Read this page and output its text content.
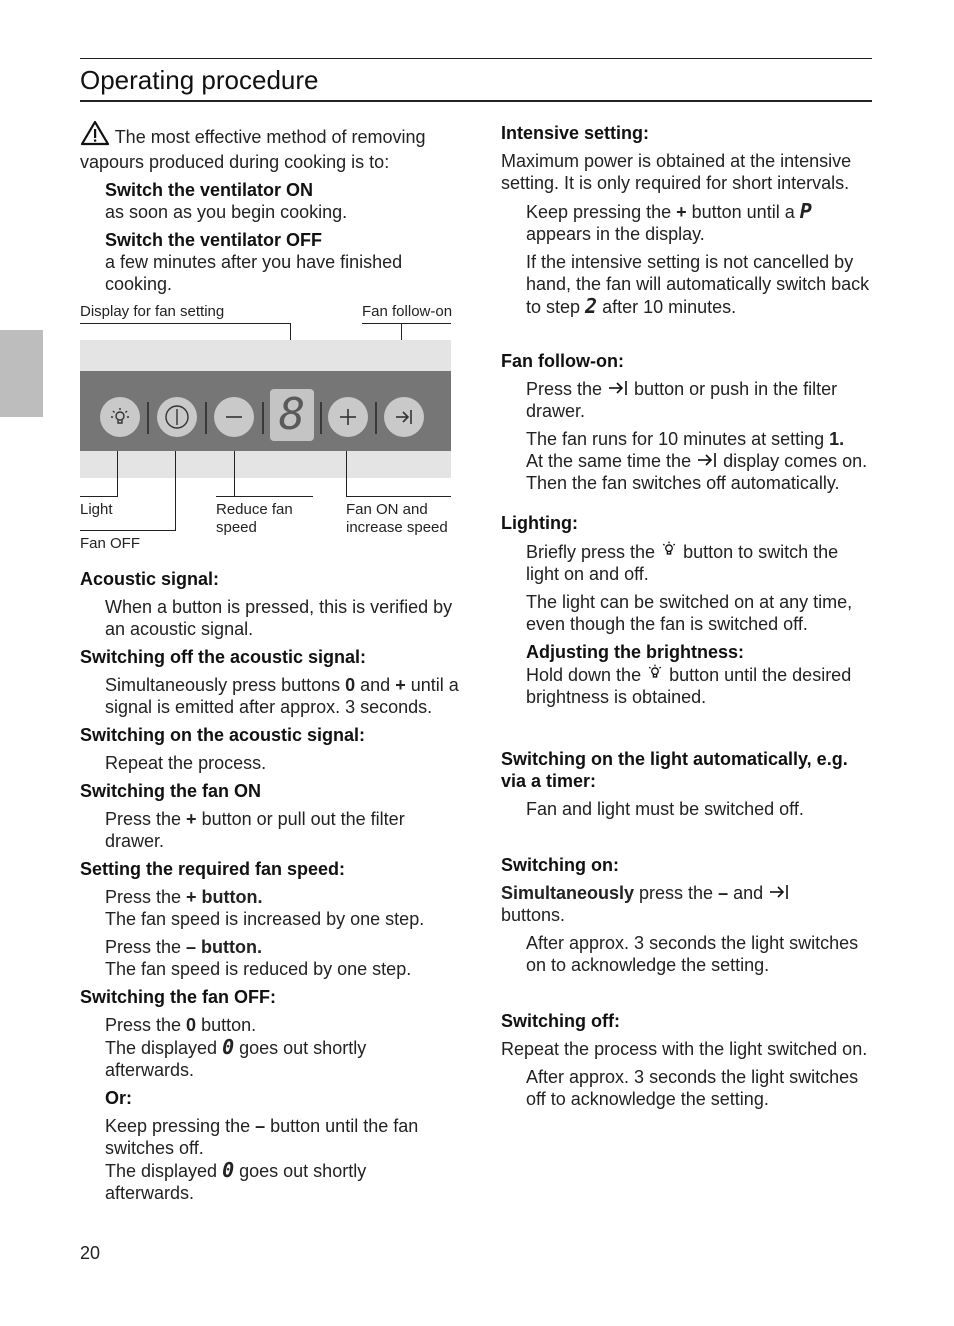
Operating procedure

The most effective method of removing vapours produced during cooking is to:

Switch the ventilator ON
as soon as you begin cooking.
Switch the ventilator OFF
a few minutes after you have finished cooking.
Display for fan setting	Fan follow-on
8
Light
Fan OFF
Reduce fan speed
Fan ON and increase speed
Acoustic signal:
When a button is pressed, this is verified by an acoustic signal.
Switching off the acoustic signal:
Simultaneously press buttons 0 and + until a signal is emitted after approx. 3 seconds.
Switching on the acoustic signal:
Repeat the process.
Switching the fan ON
Press the + button or pull out the filter drawer.
Setting the required fan speed:
Press the + button.
The fan speed is increased by one step.
Press the – button.
The fan speed is reduced by one step.
Switching the fan OFF:
Press the 0 button.
The displayed 0 goes out shortly afterwards.
Or:
Keep pressing the – button until the fan switches off.
The displayed 0 goes out shortly afterwards.
Intensive setting:
Maximum power is obtained at the intensive setting. It is only required for short intervals.
Keep pressing the + button until a P appears in the display.
If the intensive setting is not cancelled by hand, the fan will automatically switch back to step 2 after 10 minutes.
Fan follow-on:
Press the  button or push in the filter drawer.
The fan runs for 10 minutes at setting 1.
At the same time the  display comes on.
Then the fan switches off automatically.
Lighting:
Briefly press the  button to switch the light on and off.
The light can be switched on at any time, even though the fan is switched off.
Adjusting the brightness:
Hold down the  button until the desired brightness is obtained.
Switching on the light automatically, e.g. via a timer:
Fan and light must be switched off.
Switching on:
Simultaneously press the – and
buttons.
After approx. 3 seconds the light switches on to acknowledge the setting.
Switching off:
Repeat the process with the light switched on.
After approx. 3 seconds the light switches off to acknowledge the setting.
20
